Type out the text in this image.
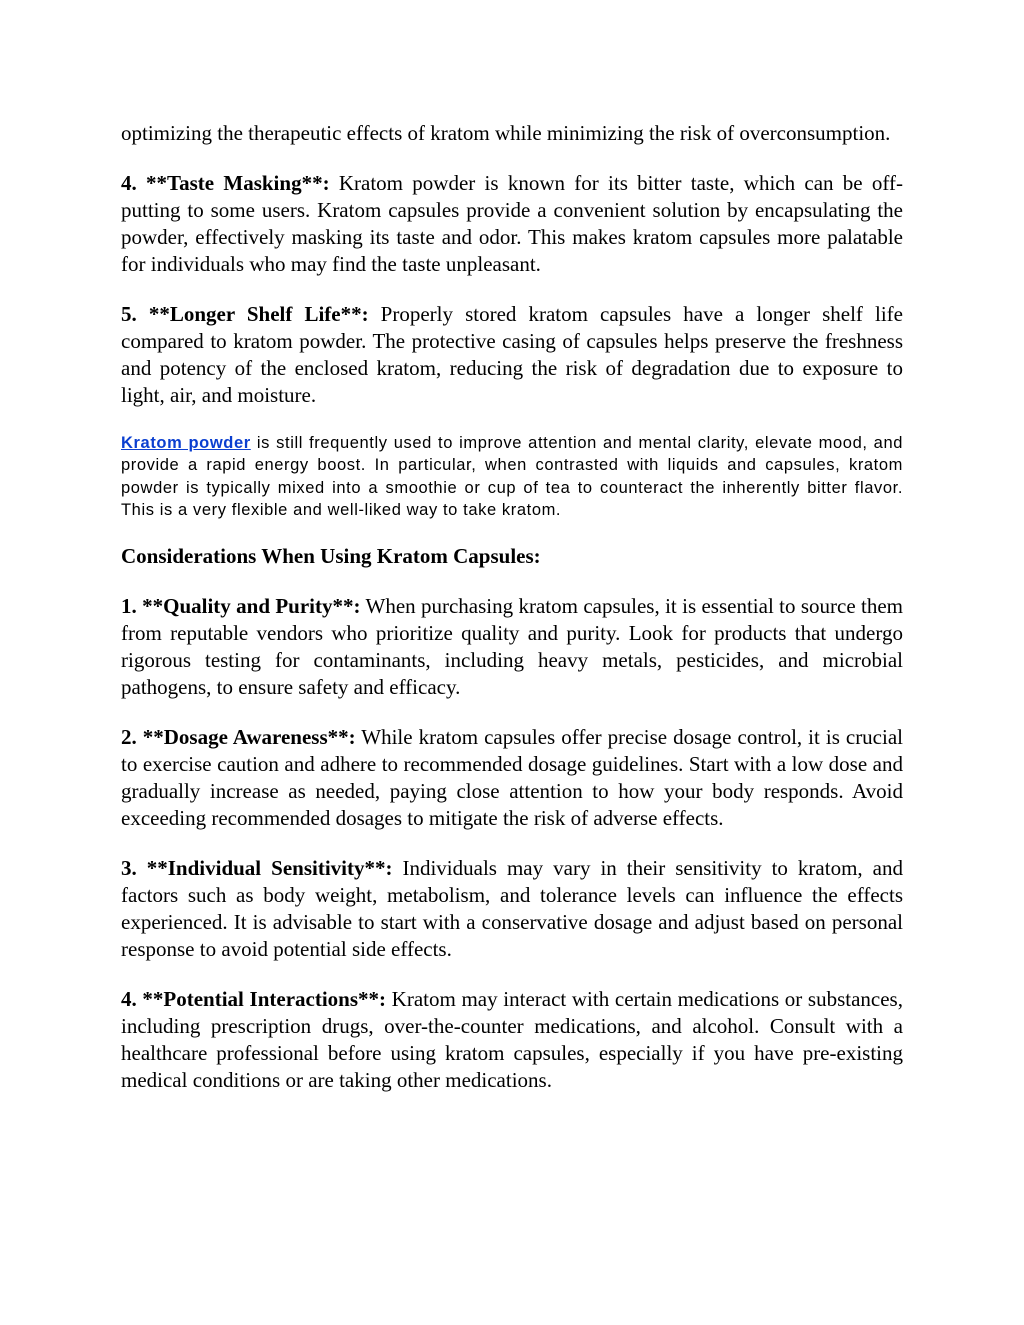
optimizing the therapeutic effects of kratom while minimizing the risk of overconsumption.

4. **Taste Masking**: Kratom powder is known for its bitter taste, which can be off-putting to some users. Kratom capsules provide a convenient solution by encapsulating the powder, effectively masking its taste and odor. This makes kratom capsules more palatable for individuals who may find the taste unpleasant.

5. **Longer Shelf Life**: Properly stored kratom capsules have a longer shelf life compared to kratom powder. The protective casing of capsules helps preserve the freshness and potency of the enclosed kratom, reducing the risk of degradation due to exposure to light, air, and moisture.

Kratom powder is still frequently used to improve attention and mental clarity, elevate mood, and provide a rapid energy boost. In particular, when contrasted with liquids and capsules, kratom powder is typically mixed into a smoothie or cup of tea to counteract the inherently bitter flavor. This is a very flexible and well-liked way to take kratom.

Considerations When Using Kratom Capsules:

1. **Quality and Purity**: When purchasing kratom capsules, it is essential to source them from reputable vendors who prioritize quality and purity. Look for products that undergo rigorous testing for contaminants, including heavy metals, pesticides, and microbial pathogens, to ensure safety and efficacy.

2. **Dosage Awareness**: While kratom capsules offer precise dosage control, it is crucial to exercise caution and adhere to recommended dosage guidelines. Start with a low dose and gradually increase as needed, paying close attention to how your body responds. Avoid exceeding recommended dosages to mitigate the risk of adverse effects.

3. **Individual Sensitivity**: Individuals may vary in their sensitivity to kratom, and factors such as body weight, metabolism, and tolerance levels can influence the effects experienced. It is advisable to start with a conservative dosage and adjust based on personal response to avoid potential side effects.

4. **Potential Interactions**: Kratom may interact with certain medications or substances, including prescription drugs, over-the-counter medications, and alcohol. Consult with a healthcare professional before using kratom capsules, especially if you have pre-existing medical conditions or are taking other medications.
